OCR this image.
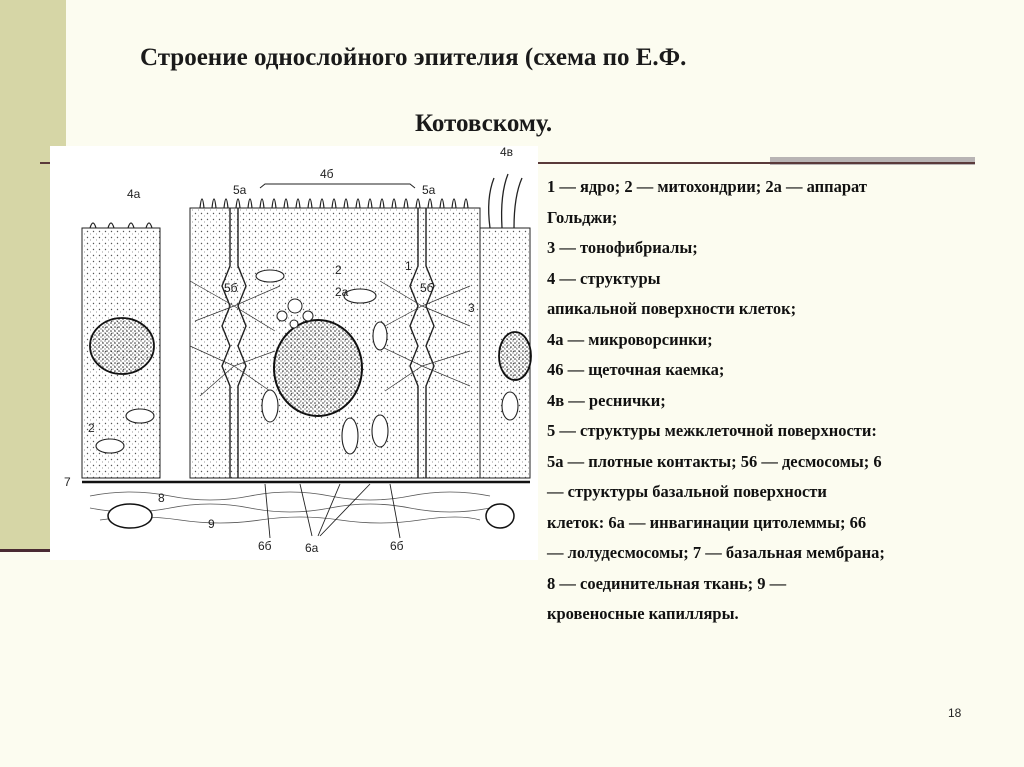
Строение однослойного эпителия (схема по Е.Ф.
Котовскому.
4а
4б
4в
5а	5а
5б	5б
2
2а
1
3
2
7
8
9
6б	6а	6б
1 — ядро; 2 — митохондрии; 2а — аппарат
Гольджи;
3 — тонофибриалы;
4 — структуры
апикальной поверхности клеток;
4а — микроворсинки;
46 — щеточная каемка;
4в — реснички;
5 — структуры межклеточной поверхности:
5а — плотные контакты; 56 — десмосомы; 6
— структуры базальной поверхности
клеток: 6а — инвагинации цитолеммы; 66
— лолудесмосомы; 7 — базальная мембрана;
8 — соединительная ткань; 9 —
кровеносные капилляры.
18
